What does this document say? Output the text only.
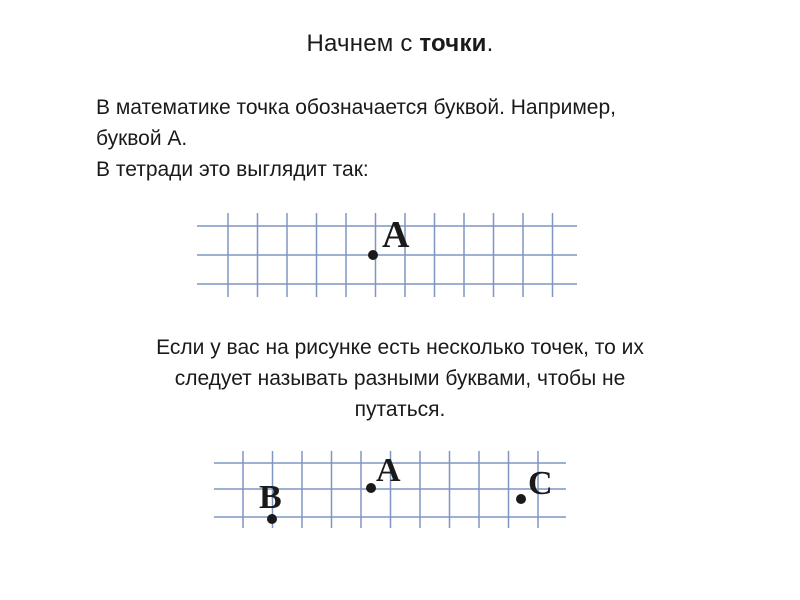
Начнем с точки.
В математике точка обозначается буквой. Например,
буквой А.
В тетради это выглядит так:
Если у вас на рисунке есть несколько точек, то их
следует называть разными буквами, чтобы не
путаться.
A
B
A	C
